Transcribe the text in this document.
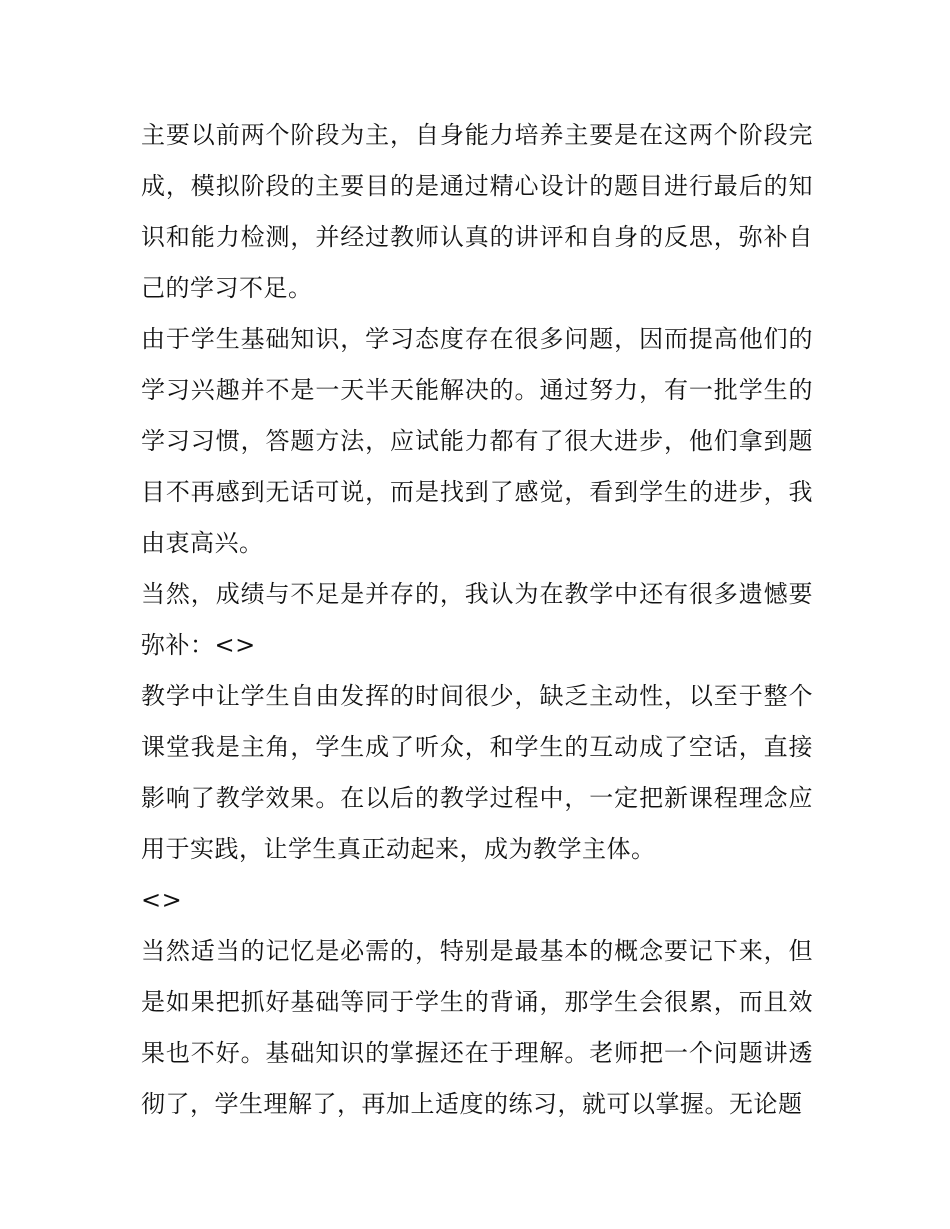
主要以前两个阶段为主，自身能力培养主要是在这两个阶段完成，模拟阶段的主要目的是通过精心设计的题目进行最后的知识和能力检测，并经过教师认真的讲评和自身的反思，弥补自己的学习不足。

由于学生基础知识，学习态度存在很多问题，因而提高他们的学习兴趣并不是一天半天能解决的。通过努力，有一批学生的学习习惯，答题方法，应试能力都有了很大进步，他们拿到题目不再感到无话可说，而是找到了感觉，看到学生的进步，我由衷高兴。

当然，成绩与不足是并存的，我认为在教学中还有很多遗憾要弥补：<>

教学中让学生自由发挥的时间很少，缺乏主动性，以至于整个课堂我是主角，学生成了听众，和学生的互动成了空话，直接影响了教学效果。在以后的教学过程中，一定把新课程理念应用于实践，让学生真正动起来，成为教学主体。

<>

当然适当的记忆是必需的，特别是最基本的概念要记下来，但是如果把抓好基础等同于学生的背诵，那学生会很累，而且效果也不好。基础知识的掌握还在于理解。老师把一个问题讲透彻了，学生理解了，再加上适度的练习，就可以掌握。无论题
